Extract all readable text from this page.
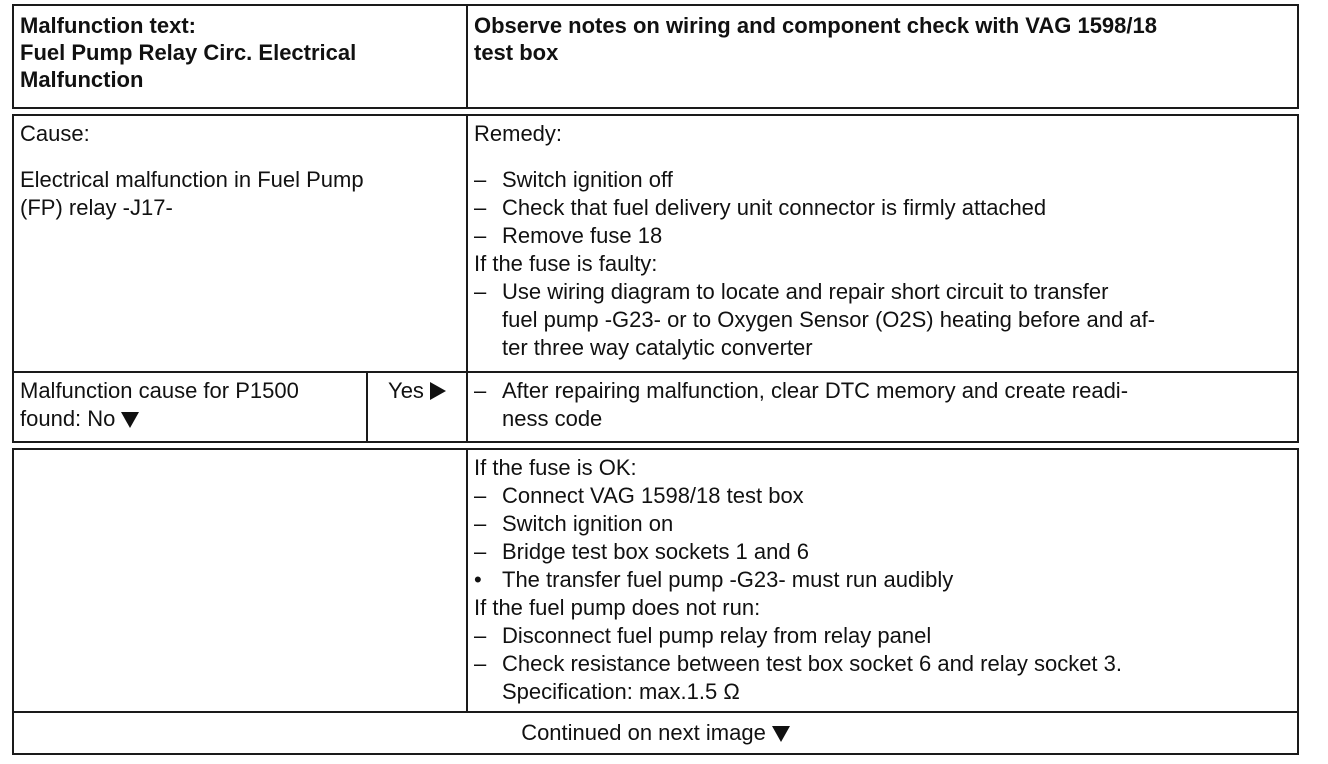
Malfunction text:
Fuel Pump Relay Circ. Electrical
Malfunction
Observe notes on wiring and component check with VAG 1598/18
test box
Cause:
Electrical malfunction in Fuel Pump
(FP) relay -J17-
Remedy:
– Switch ignition off
– Check that fuel delivery unit connector is firmly attached
– Remove fuse 18
If the fuse is faulty:
– Use wiring diagram to locate and repair short circuit to transfer
fuel pump -G23- or to Oxygen Sensor (O2S) heating before and af-
ter three way catalytic converter
Malfunction cause for P1500
found: No
Yes	– After repairing malfunction, clear DTC memory and create readi-
ness code
If the fuse is OK:
– Connect VAG 1598/18 test box
– Switch ignition on
– Bridge test box sockets 1 and 6
• The transfer fuel pump -G23- must run audibly
If the fuel pump does not run:
– Disconnect fuel pump relay from relay panel
– Check resistance between test box socket 6 and relay socket 3.
Specification: max.1.5 Ω
Continued on next image
